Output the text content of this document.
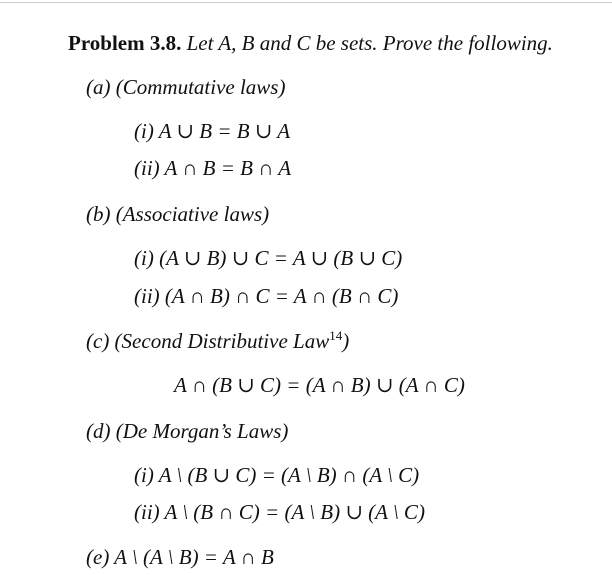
Problem 3.8. Let A, B and C be sets. Prove the following.
(a) (Commutative laws)
(i) A ∪ B = B ∪ A
(ii) A ∩ B = B ∩ A
(b) (Associative laws)
(i) (A ∪ B) ∪ C = A ∪ (B ∪ C)
(ii) (A ∩ B) ∩ C = A ∩ (B ∩ C)
(c) (Second Distributive Law$^{14}$)
A ∩ (B ∪ C) = (A ∩ B) ∪ (A ∩ C)
(d) (De Morgan’s Laws)
(i) A \ (B ∪ C) = (A \ B) ∩ (A \ C)
(ii) A \ (B ∩ C) = (A \ B) ∪ (A \ C)
(e) A \ (A \ B) = A ∩ B
